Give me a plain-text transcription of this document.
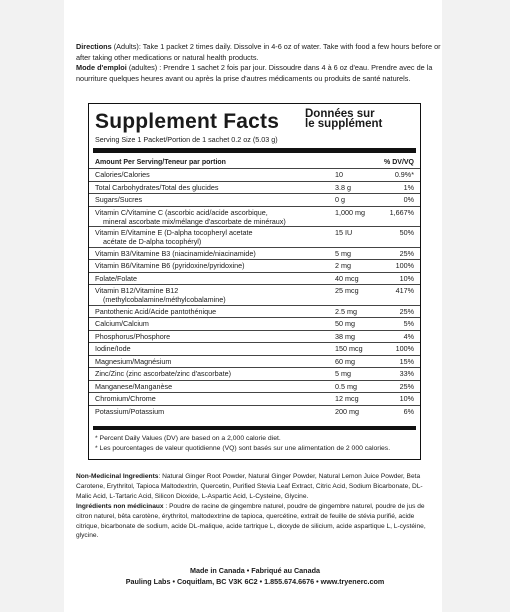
Directions (Adults): Take 1 packet 2 times daily. Dissolve in 4-6 oz of water. Take with food a few hours before or after taking other medications or natural health products.
Mode d'emploi (adultes) : Prendre 1 sachet 2 fois par jour. Dissoudre dans 4 à 6 oz d'eau. Prendre avec de la nourriture quelques heures avant ou après la prise d'autres médicaments ou produits de santé naturels.
Supplement Facts Données sur
le supplément
Serving Size 1 Packet/Portion de 1 sachet 0.2 oz (5.03 g)
Amount Per Serving/Teneur par portion	% DV/VQ
Calories/Calories	10	0.9%*
Total Carbohydrates/Total des glucides	3.8 g	1%
Sugars/Sucres	0 g	0%
Vitamin C/Vitamine C (ascorbic acid/acide ascorbique,
mineral ascorbate mix/mélange d'ascorbate de minéraux)
1,000 mg	1,667%
Vitamin E/Vitamine E (D-alpha tocopheryl acetate
acétate de D-alpha tocophéryl)
15 IU	50%
Vitamin B3/Vitamine B3 (niacinamide/niacinamide)	5 mg	25%
Vitamin B6/Vitamine B6 (pyridoxine/pyridoxine)	2 mg	100%
Folate/Folate	40 mcg	10%
Vitamin B12/Vitamine B12
(methylcobalamine/méthylcobalamine)
25 mcg	417%
Pantothenic Acid/Acide pantothénique	2.5 mg	25%
Calcium/Calcium	50 mg	5%
Phosphorus/Phosphore	38 mg	4%
Iodine/Iode	150 mcg	100%
Magnesium/Magnésium	60 mg	15%
Zinc/Zinc (zinc ascorbate/zinc d'ascorbate)	5 mg	33%
Manganese/Manganèse	0.5 mg	25%
Chromium/Chrome	12 mcg	10%
Potassium/Potassium	200 mg	6%
* Percent Daily Values (DV) are based on a 2,000 calorie diet.
* Les pourcentages de valeur quotidienne (VQ) sont basés sur une alimentation de 2 000 calories.
Non-Medicinal Ingredients: Natural Ginger Root Powder, Natural Ginger Powder, Natural Lemon Juice Powder, Beta Carotene, Erythritol, Tapioca Maltodextrin, Quercetin, Purified Stevia Leaf Extract, Citric Acid, Sodium Bicarbonate, DL-Malic Acid, L-Tartaric Acid, Silicon Dioxide, L-Aspartic Acid, L-Cysteine, Glycine.
Ingrédients non médicinaux : Poudre de racine de gingembre naturel, poudre de gingembre naturel, poudre de jus de citron naturel, bêta carotène, érythritol, maltodextrine de tapioca, quercétine, extrait de feuille de stévia purifié, acide citrique, bicarbonate de sodium, acide DL-malique, acide tartrique L, dioxyde de silicium, acide aspartique L, L-cystéine, glycine.
Made in Canada • Fabriqué au Canada
Pauling Labs • Coquitlam, BC V3K 6C2 • 1.855.674.6676 • www.tryenerc.com
